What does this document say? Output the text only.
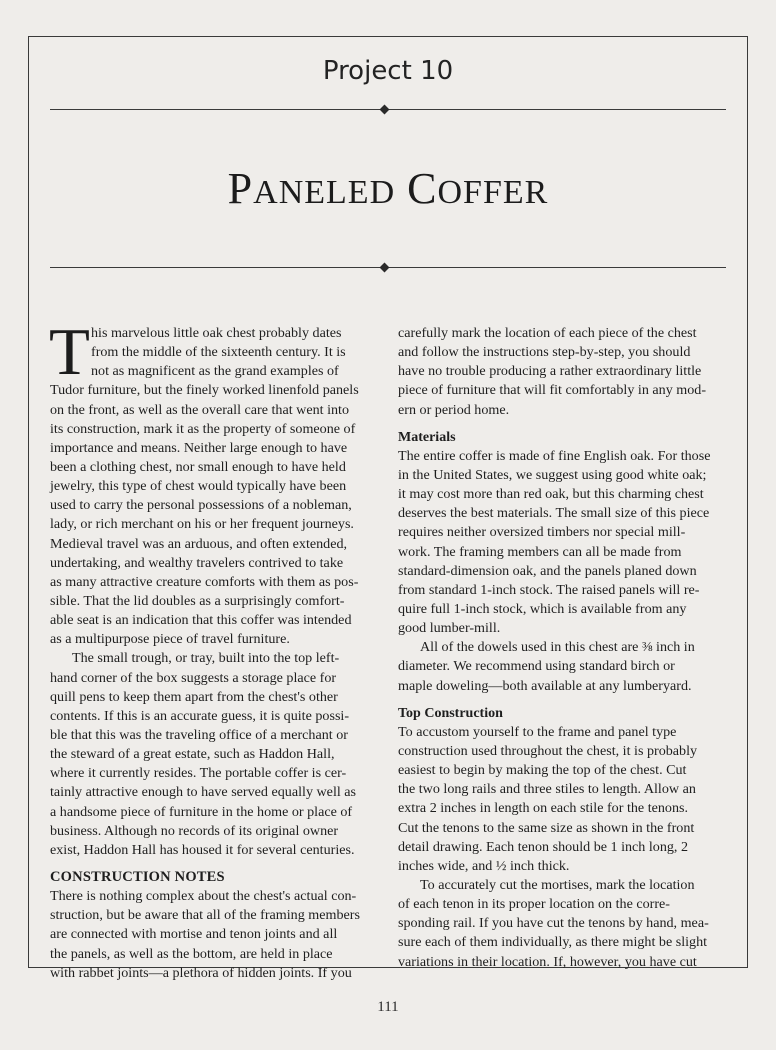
Project 10
PANELED COFFER
T his marvelous little oak chest probably dates
from the middle of the sixteenth century. It is
not as magnificent as the grand examples of
Tudor furniture, but the finely worked linenfold panels
on the front, as well as the overall care that went into
its construction, mark it as the property of someone of
importance and means. Neither large enough to have
been a clothing chest, nor small enough to have held
jewelry, this type of chest would typically have been
used to carry the personal possessions of a nobleman,
lady, or rich merchant on his or her frequent journeys.
Medieval travel was an arduous, and often extended,
undertaking, and wealthy travelers contrived to take
as many attractive creature comforts with them as pos-
sible. That the lid doubles as a surprisingly comfort-
able seat is an indication that this coffer was intended
as a multipurpose piece of travel furniture.
The small trough, or tray, built into the top left-
hand corner of the box suggests a storage place for
quill pens to keep them apart from the chest's other
contents. If this is an accurate guess, it is quite possi-
ble that this was the traveling office of a merchant or
the steward of a great estate, such as Haddon Hall,
where it currently resides. The portable coffer is cer-
tainly attractive enough to have served equally well as
a handsome piece of furniture in the home or place of
business. Although no records of its original owner
exist, Haddon Hall has housed it for several centuries.
CONSTRUCTION NOTES
There is nothing complex about the chest's actual con-
struction, but be aware that all of the framing members
are connected with mortise and tenon joints and all
the panels, as well as the bottom, are held in place
with rabbet joints—a plethora of hidden joints. If you
carefully mark the location of each piece of the chest
and follow the instructions step-by-step, you should
have no trouble producing a rather extraordinary little
piece of furniture that will fit comfortably in any mod-
ern or period home.
Materials
The entire coffer is made of fine English oak. For those
in the United States, we suggest using good white oak;
it may cost more than red oak, but this charming chest
deserves the best materials. The small size of this piece
requires neither oversized timbers nor special mill-
work. The framing members can all be made from
standard-dimension oak, and the panels planed down
from standard 1-inch stock. The raised panels will re-
quire full 1-inch stock, which is available from any
good lumber-mill.
All of the dowels used in this chest are ⅜ inch in
diameter. We recommend using standard birch or
maple doweling—both available at any lumberyard.
Top Construction
To accustom yourself to the frame and panel type
construction used throughout the chest, it is probably
easiest to begin by making the top of the chest. Cut
the two long rails and three stiles to length. Allow an
extra 2 inches in length on each stile for the tenons.
Cut the tenons to the same size as shown in the front
detail drawing. Each tenon should be 1 inch long, 2
inches wide, and ½ inch thick.
To accurately cut the mortises, mark the location
of each tenon in its proper location on the corre-
sponding rail. If you have cut the tenons by hand, mea-
sure each of them individually, as there might be slight
variations in their location. If, however, you have cut
111
